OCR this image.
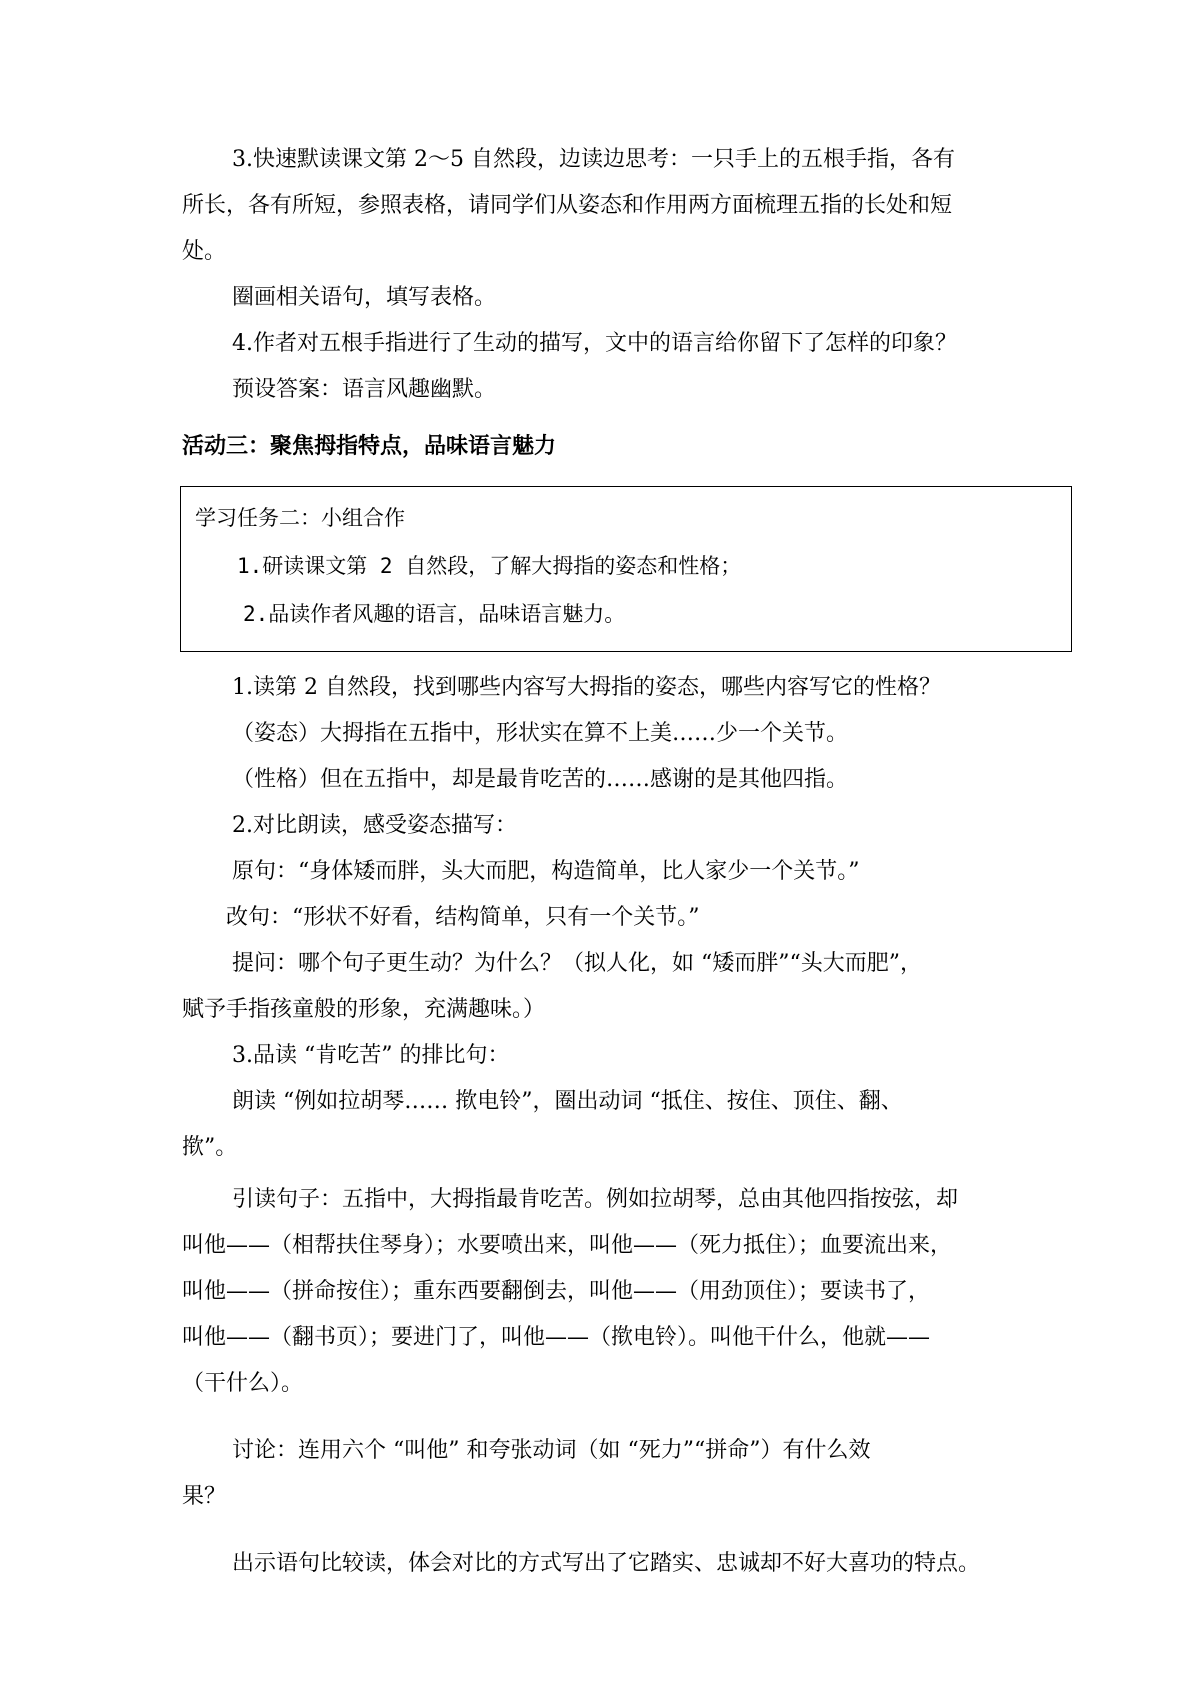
3.快速默读课文第 2～5 自然段，边读边思考：一只手上的五根手指，各有
所长，各有所短，参照表格，请同学们从姿态和作用两方面梳理五指的长处和短
处。
圈画相关语句，填写表格。
4.作者对五根手指进行了生动的描写，文中的语言给你留下了怎样的印象？
预设答案：语言风趣幽默。
活动三：聚焦拇指特点，品味语言魅力
学习任务二：小组合作
1.研读课文第 2 自然段，了解大拇指的姿态和性格；
2.品读作者风趣的语言，品味语言魅力。
1.读第 2 自然段，找到哪些内容写大拇指的姿态，哪些内容写它的性格？
（姿态）大拇指在五指中，形状实在算不上美……少一个关节。
（性格）但在五指中，却是最肯吃苦的……感谢的是其他四指。
2.对比朗读，感受姿态描写：
原句：“身体矮而胖，头大而肥，构造简单，比人家少一个关节。”
改句：“形状不好看，结构简单，只有一个关节。”
提问：哪个句子更生动？为什么？（拟人化，如 “矮而胖”“头大而肥”，
赋予手指孩童般的形象，充满趣味。）
3.品读 “肯吃苦” 的排比句：
朗读 “例如拉胡琴…… 揿电铃”，圈出动词 “抵住、按住、顶住、翻、
揿”。
引读句子：五指中，大拇指最肯吃苦。例如拉胡琴，总由其他四指按弦，却
叫他——（相帮扶住琴身）；水要喷出来，叫他——（死力抵住）；血要流出来，
叫他——（拼命按住）；重东西要翻倒去，叫他——（用劲顶住）；要读书了，
叫他——（翻书页）；要进门了，叫他——（揿电铃）。叫他干什么，他就——
（干什么）。
讨论：连用六个 “叫他” 和夸张动词（如 “死力”“拼命”）有什么效
果？
出示语句比较读，体会对比的方式写出了它踏实、忠诚却不好大喜功的特点。
